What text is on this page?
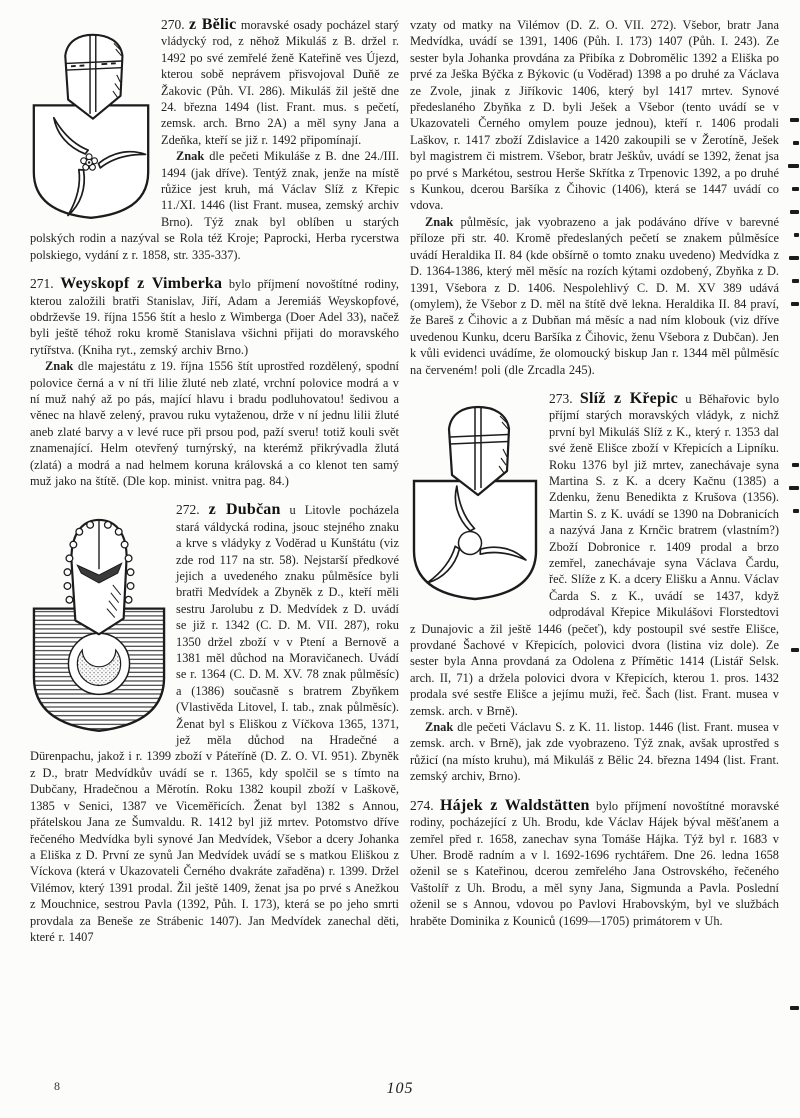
270. z Bělic moravské osady pocházel starý vládycký rod, z něhož Mikuláš z B. držel r. 1492 po své zemřelé ženě Kateřině ves Újezd, kterou sobě neprávem přisvojoval Duňě ze Žakovic (Půh. VI. 286). Mikuláš žil ještě dne 24. března 1494 (list. Frant. mus. s pečetí, zemsk. arch. Brno 2A) a měl syny Jana a Zdeňka, kteří se již r. 1492 připomínají.

Znak dle pečeti Mikuláše z B. dne 24./III. 1494 (jak dříve). Tentýž znak, jenže na místě růžice jest kruh, má Václav Slíž z Křepic 11./XI. 1446 (list Frant. musea, zemský archiv Brno). Týž znak byl oblíben u starých polských rodin a nazýval se Rola též Kroje; Paprocki, Herba rycerstwa polskiego, vydání z r. 1858, str. 335-337).

271. Weyskopf z Vimberka bylo příjmení novoštítné rodiny, kterou založili bratři Stanislav, Jiří, Adam a Jeremiáš Weyskopfové, obdrževše 19. října 1556 štít a heslo z Wimberga (Doer Adel 33), načež byli ještě téhož roku kromě Stanislava všichni přijati do moravského rytířstva. (Kniha ryt., zemský archiv Brno.)

Znak dle majestátu z 19. října 1556 štít uprostřed rozdělený, spodní polovice černá a v ní tři lilie žluté neb zlaté, vrchní polovice modrá a v ní muž nahý až po pás, mající hlavu i bradu podluhovatou! šedivou a věnec na hlavě zelený, pravou ruku vytaženou, drže v ní jednu lilii žluté aneb zlaté barvy a v levé ruce při prsou pod, paží sveru! totiž kouli svět znamenající. Helm otevřený turnýrský, na kterémž přikrývadla žlutá (zlatá) a modrá a nad helmem koruna královská a co klenot ten samý muž jako na štítě. (Dle kop. minist. vnitra pag. 84.)

272. z Dubčan u Litovle pocházela stará váldycká rodina, jsouc stejného znaku a krve s vládyky z Voděrad u Kunštátu (viz zde rod 117 na str. 58). Nejstarší předkové jejich a uvedeného znaku půlměsíce byli bratři Medvídek a Zbyněk z D., kteří měli sestru Jarolubu z D. Medvídek z D. uvádí se již r. 1342 (C. D. M. VII. 287), roku 1350 držel zboží v v Ptení a Bernově a 1381 měl důchod na Moravičanech. Uvádí se r. 1364 (C. D. M. XV. 78 znak půlměsíc) a (1386) současně s bratrem Zbyňkem (Vlastivěda Litovel, I. tab., znak půlměsíc). Ženat byl s Eliškou z Víčkova 1365, 1371, jež měla důchod na Hradečné a Dürenpachu, jakož i r. 1399 zboží v Páteříně (D. Z. O. VI. 951). Zbyněk z D., bratr Medvídkův uvádí se r. 1365, kdy spolčil se s tímto na Dubčany, Hradečnou a Měrotín. Roku 1382 koupil zboží v Laškově, 1385 v Senici, 1387 ve Viceměřicích. Ženat byl 1382 s Annou, přátelskou Jana ze Šumvaldu. R. 1412 byl již mrtev. Potomstvo dříve řečeného Medvídka byli synové Jan Medvídek, Všebor a dcery Johanka a Eliška z D. První ze synů Jan Medvídek uvádí se s matkou Eliškou z Víckova (která v Ukazovateli Černého dvakráte zařaděna) r. 1399. Držel Vilémov, který 1391 prodal. Žil ještě 1409, ženat jsa po prvé s Anežkou z Mouchnice, sestrou Pavla (1392, Půh. I. 173), která se po jeho smrti provdala za Beneše ze Strábenic 1407). Jan Medvídek zanechal děti, které r. 1407

vzaty od matky na Vilémov (D. Z. O. VII. 272). Všebor, bratr Jana Medvídka, uvádí se 1391, 1406 (Půh. I. 173) 1407 (Půh. I. 243). Ze sester byla Johanka provdána za Přibíka z Dobromělic 1392 a Eliška po prvé za Ješka Býčka z Býkovic (u Voděrad) 1398 a po druhé za Václava ze Zvole, jinak z Jiříkovic 1406, který byl 1417 mrtev. Synové předeslaného Zbyňka z D. byli Ješek a Všebor (tento uvádí se v Ukazovateli Černého omylem pouze jednou), kteří r. 1406 prodali Laškov, r. 1417 zboží Zdislavice a 1420 zakoupili se v Žerotíně, Ješek byl magistrem či mistrem. Všebor, bratr Ješkův, uvádí se 1392, ženat jsa po prvé s Markétou, sestrou Herše Skřítka z Trpenovic 1392, a po druhé s Kunkou, dcerou Baršíka z Čihovic (1406), která se 1447 uvádí co vdova.

Znak půlměsíc, jak vyobrazeno a jak podáváno dříve v barevné příloze při str. 40. Kromě předeslaných pečetí se znakem půlměsíce uvádí Heraldika II. 84 (kde obšírně o tomto znaku uvedeno) Medvídka z D. 1364-1386, který měl měsíc na rozích kýtami ozdobený, Zbyňka z D. 1391, Všebora z D. 1406. Nespolehlivý C. D. M. XV 389 udává (omylem), že Všebor z D. měl na štítě dvě lekna. Heraldika II. 84 praví, že Bareš z Čihovic a z Dubňan má měsíc a nad ním klobouk (viz dříve uvedenou Kunku, dceru Baršíka z Čihovic, ženu Všebora z Dubčan). Jen k vůli evidenci uvádíme, že olomoucký biskup Jan r. 1344 měl půlměsíc na červeném! poli (dle Zrcadla 245).

273. Slíž z Křepic u Běhařovic bylo příjmí starých moravských vládyk, z nichž první byl Mikuláš Slíž z K., který r. 1353 dal své ženě Elišce zboží v Křepicích a Lipníku. Roku 1376 byl již mrtev, zanechávaje syna Martina S. z K. a dcery Kačnu (1385) a Zdenku, ženu Benedikta z Krušova (1356). Martin S. z K. uvádí se 1390 na Dobranicích a nazývá Jana z Krnčic bratrem (vlastním?) Zboží Dobronice r. 1409 prodal a brzo zemřel, zanechávaje syna Václava Čardu, řeč. Slíže z K. a dcery Elišku a Annu. Václav Čarda S. z K., uvádí se 1437, když odprodával Křepice Mikulášovi Florstedtovi z Dunajovic a žil ještě 1446 (pečeť), kdy postoupil své sestře Elišce, provdané Šachové v Křepicích, polovici dvora (listina viz dole). Ze sester byla Anna provdaná za Odolena z Přímětic 1414 (Listář Selsk. arch. II, 71) a držela polovici dvora v Křepicích, kterou 1. pros. 1432 prodala své sestře Elišce a jejímu muži, řeč. Šach (list. Frant. musea v zemsk. arch. v Brně).

Znak dle pečeti Václavu S. z K. 11. listop. 1446 (list. Frant. musea v zemsk. arch. v Brně), jak zde vyobrazeno. Týž znak, avšak uprostřed s růžicí (na místo kruhu), má Mikuláš z Bělic 24. března 1494 (list. Frant. zemský archiv, Brno).

274. Hájek z Waldstätten bylo příjmení novoštítné moravské rodiny, pocházející z Uh. Brodu, kde Václav Hájek býval měšťanem a zemřel před r. 1658, zanechav syna Tomáše Hájka. Týž byl r. 1683 v Uher. Brodě radním a v l. 1692-1696 rychtářem. Dne 26. ledna 1658 oženil se s Kateřinou, dcerou zemřelého Jana Ostrovského, řečeného Vaštolíř z Uh. Brodu, a měl syny Jana, Sigmunda a Pavla. Poslední oženil se s Annou, vdovou po Pavlovi Hrabovským, byl ve službách hraběte Dominika z Kouniců (1699—1705) primátorem v Uh.

8	105
